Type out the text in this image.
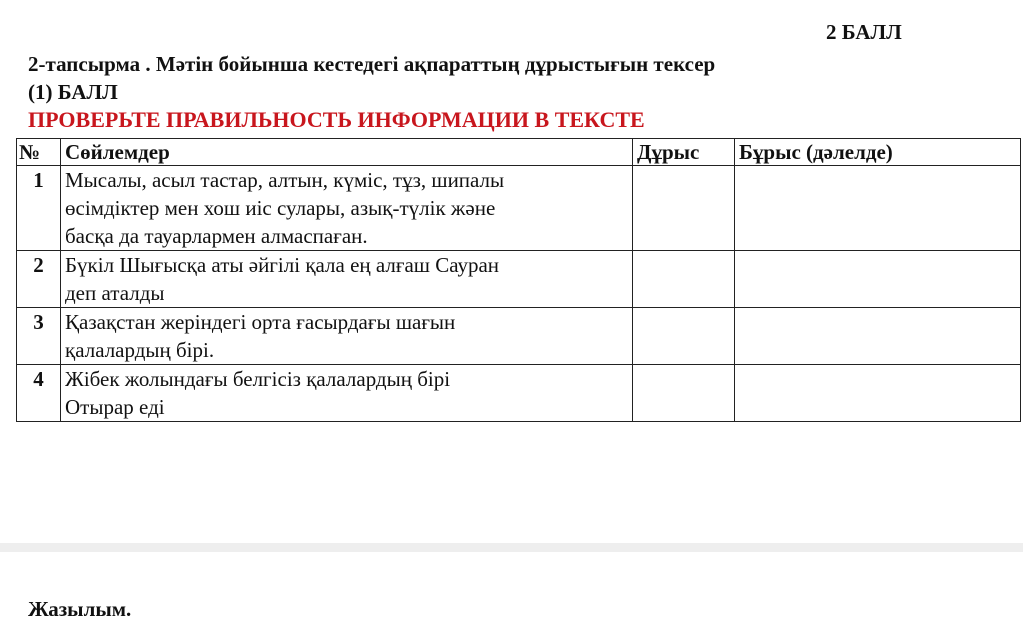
2 БАЛЛ
2-тапсырма . Мәтін бойынша кестедегі ақпараттың дұрыстығын тексер
(1) БАЛЛ
ПРОВЕРЬТЕ ПРАВИЛЬНОСТЬ ИНФОРМАЦИИ В ТЕКСТЕ
№	Сөйлемдер	Дұрыс	Бұрыс (дәлелде)
1	Мысалы, асыл тастар, алтын, күміс, тұз, шипалы
өсімдіктер мен хош иіс сулары, азық-түлік және
басқа да тауарлармен алмаспаған.		

2	Бүкіл Шығысқа аты әйгілі қала ең алғаш Сауран
деп аталды		

3	Қазақстан жеріндегі орта ғасырдағы шағын
қалалардың бірі.		

4	Жібек жолындағы белгісіз қалалардың бірі
Отырар еді		

Жазылым.
